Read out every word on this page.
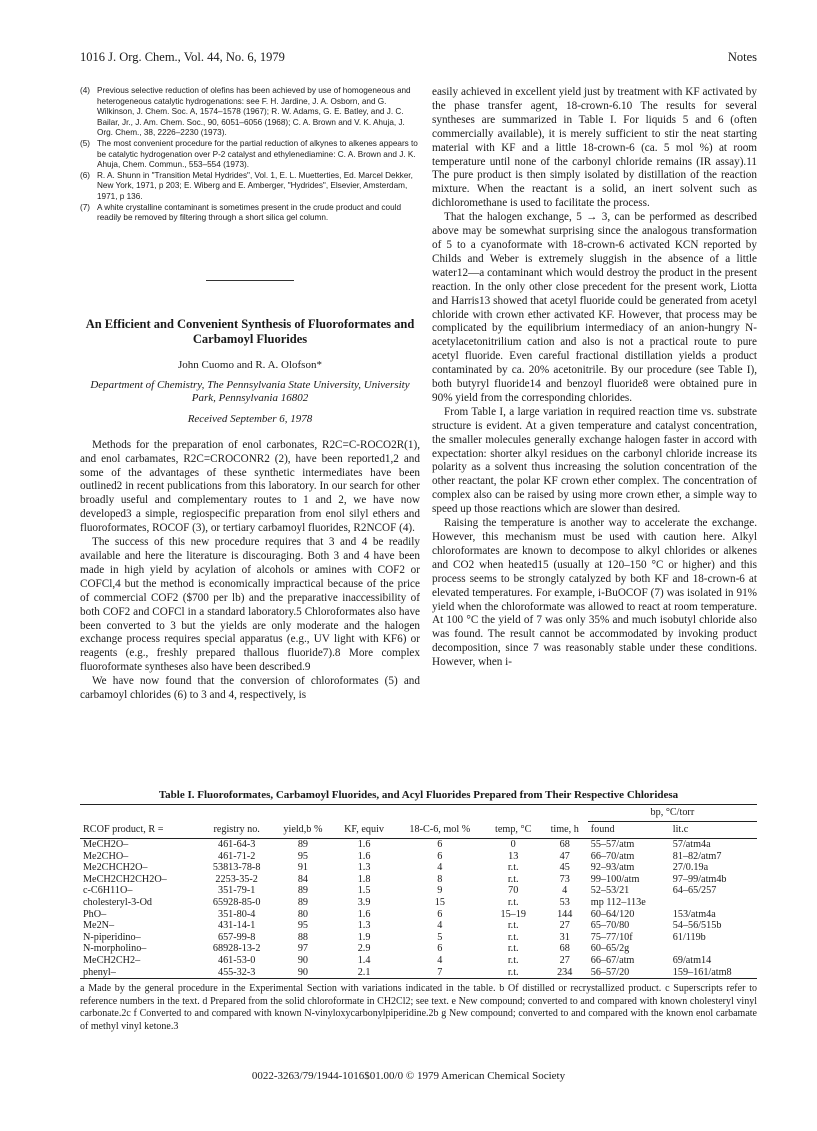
1016 J. Org. Chem., Vol. 44, No. 6, 1979	Notes

(4) Previous selective reduction of olefins has been achieved by use of homogeneous and heterogeneous catalytic hydrogenations: see F. H. Jardine, J. A. Osborn, and G. Wilkinson, J. Chem. Soc. A, 1574–1578 (1967); R. W. Adams, G. E. Batley, and J. C. Bailar, Jr., J. Am. Chem. Soc., 90, 6051–6056 (1968); C. A. Brown and V. K. Ahuja, J. Org. Chem., 38, 2226–2230 (1973).

(5) The most convenient procedure for the partial reduction of alkynes to alkenes appears to be catalytic hydrogenation over P-2 catalyst and ethylenediamine: C. A. Brown and J. K. Ahuja, Chem. Commun., 553–554 (1973).

(6) R. A. Shunn in "Transition Metal Hydrides", Vol. 1, E. L. Muetterties, Ed. Marcel Dekker, New York, 1971, p 203; E. Wiberg and E. Amberger, "Hydrides", Elsevier, Amsterdam, 1971, p 136.

(7) A white crystalline contaminant is sometimes present in the crude product and could readily be removed by filtering through a short silica gel column.

An Efficient and Convenient Synthesis of Fluoroformates and Carbamoyl Fluorides
John Cuomo and R. A. Olofson*
Department of Chemistry, The Pennsylvania State University, University Park, Pennsylvania 16802
Received September 6, 1978

Methods for the preparation of enol carbonates, R2C=C-ROCO2R(1), and enol carbamates, R2C=CROCONR2 (2), have been reported1,2 and some of the advantages of these synthetic intermediates have been outlined2 in recent publications from this laboratory. In our search for other broadly useful and complementary routes to 1 and 2, we have now developed3 a simple, regiospecific preparation from enol silyl ethers and fluoroformates, ROCOF (3), or tertiary carbamoyl fluorides, R2NCOF (4).

The success of this new procedure requires that 3 and 4 be readily available and here the literature is discouraging. Both 3 and 4 have been made in high yield by acylation of alcohols or amines with COF2 or COFCl,4 but the method is economically impractical because of the price of commercial COF2 ($700 per lb) and the preparative inaccessibility of both COF2 and COFCl in a standard laboratory.5 Chloroformates also have been converted to 3 but the yields are only moderate and the halogen exchange process requires special apparatus (e.g., UV light with KF6) or reagents (e.g., freshly prepared thallous fluoride7).8 More complex fluoroformate syntheses also have been described.9

We have now found that the conversion of chloroformates (5) and carbamoyl chlorides (6) to 3 and 4, respectively, is

easily achieved in excellent yield just by treatment with KF activated by the phase transfer agent, 18-crown-6.10 The results for several syntheses are summarized in Table I. For liquids 5 and 6 (often commercially available), it is merely sufficient to stir the neat starting material with KF and a little 18-crown-6 (ca. 5 mol %) at room temperature until none of the carbonyl chloride remains (IR assay).11 The pure product is then simply isolated by distillation of the reaction mixture. When the reactant is a solid, an inert solvent such as dichloromethane is used to facilitate the process.

That the halogen exchange, 5 → 3, can be performed as described above may be somewhat surprising since the analogous transformation of 5 to a cyanoformate with 18-crown-6 activated KCN reported by Childs and Weber is extremely sluggish in the absence of a little water12—a contaminant which would destroy the product in the present reaction. In the only other close precedent for the present work, Liotta and Harris13 showed that acetyl fluoride could be generated from acetyl chloride with crown ether activated KF. However, that process may be complicated by the equilibrium intermediacy of an anion-hungry N-acetylacetonitrilium cation and also is not a practical route to pure acetyl fluoride. Even careful fractional distillation yields a product contaminated by ca. 20% acetonitrile. By our procedure (see Table I), both butyryl fluoride14 and benzoyl fluoride8 were obtained pure in 90% yield from the corresponding chlorides.

From Table I, a large variation in required reaction time vs. substrate structure is evident. At a given temperature and catalyst concentration, the smaller molecules generally exchange halogen faster in accord with expectation: shorter alkyl residues on the carbonyl chloride increase its polarity as a solvent thus increasing the solution concentration of the other reactant, the polar KF crown ether complex. The concentration of complex also can be raised by using more crown ether, a simple way to speed up those reactions which are slower than desired.

Raising the temperature is another way to accelerate the exchange. However, this mechanism must be used with caution here. Alkyl chloroformates are known to decompose to alkyl chlorides or alkenes and CO2 when heated15 (usually at 120–150 °C or higher) and this process seems to be strongly catalyzed by both KF and 18-crown-6 at elevated temperatures. For example, i-BuOCOF (7) was isolated in 91% yield when the chloroformate was allowed to react at room temperature. At 100 °C the yield of 7 was only 35% and much isobutyl chloride also was found. The result cannot be accommodated by invoking product decomposition, since 7 was reasonably stable under these conditions. However, when i-

Table I. Fluoroformates, Carbamoyl Fluorides, and Acyl Fluorides Prepared from Their Respective Chloridesa
RCOF product, R =	registry no.	yield,b %	KF, equiv	18-C-6, mol %	temp, °C	time, h	bp, °C/torr	
							found	lit.c
MeCH2O–	461-64-3	89	1.6	6	0	68	55–57/atm	57/atm4a
Me2CHO–	461-71-2	95	1.6	6	13	47	66–70/atm	81–82/atm7
Me2CHCH2O–	53813-78-8	91	1.3	4	r.t.	45	92–93/atm	27/0.19a
MeCH2CH2CH2O–	2253-35-2	84	1.8	8	r.t.	73	99–100/atm	97–99/atm4b
c-C6H11O–	351-79-1	89	1.5	9	70	4	52–53/21	64–65/257
cholesteryl-3-Od	65928-85-0	89	3.9	15	r.t.	53	mp 112–113e	
PhO–	351-80-4	80	1.6	6	15–19	144	60–64/120	153/atm4a
Me2N–	431-14-1	95	1.3	4	r.t.	27	65–70/80	54–56/515b
N-piperidino–	657-99-8	88	1.9	5	r.t.	31	75–77/10f	61/119b
N-morpholino–	68928-13-2	97	2.9	6	r.t.	68	60–65/2g	
MeCH2CH2–	461-53-0	90	1.4	4	r.t.	27	66–67/atm	69/atm14
phenyl–	455-32-3	90	2.1	7	r.t.	234	56–57/20	159–161/atm8
a Made by the general procedure in the Experimental Section with variations indicated in the table. b Of distilled or recrystallized product. c Superscripts refer to reference numbers in the text. d Prepared from the solid chloroformate in CH2Cl2; see text. e New compound; converted to and compared with known cholesteryl vinyl carbonate.2c f Converted to and compared with known N-vinyloxycarbonylpiperidine.2b g New compound; converted to and compared with the known enol carbamate of methyl vinyl ketone.3
0022-3263/79/1944-1016$01.00/0 © 1979 American Chemical Society
